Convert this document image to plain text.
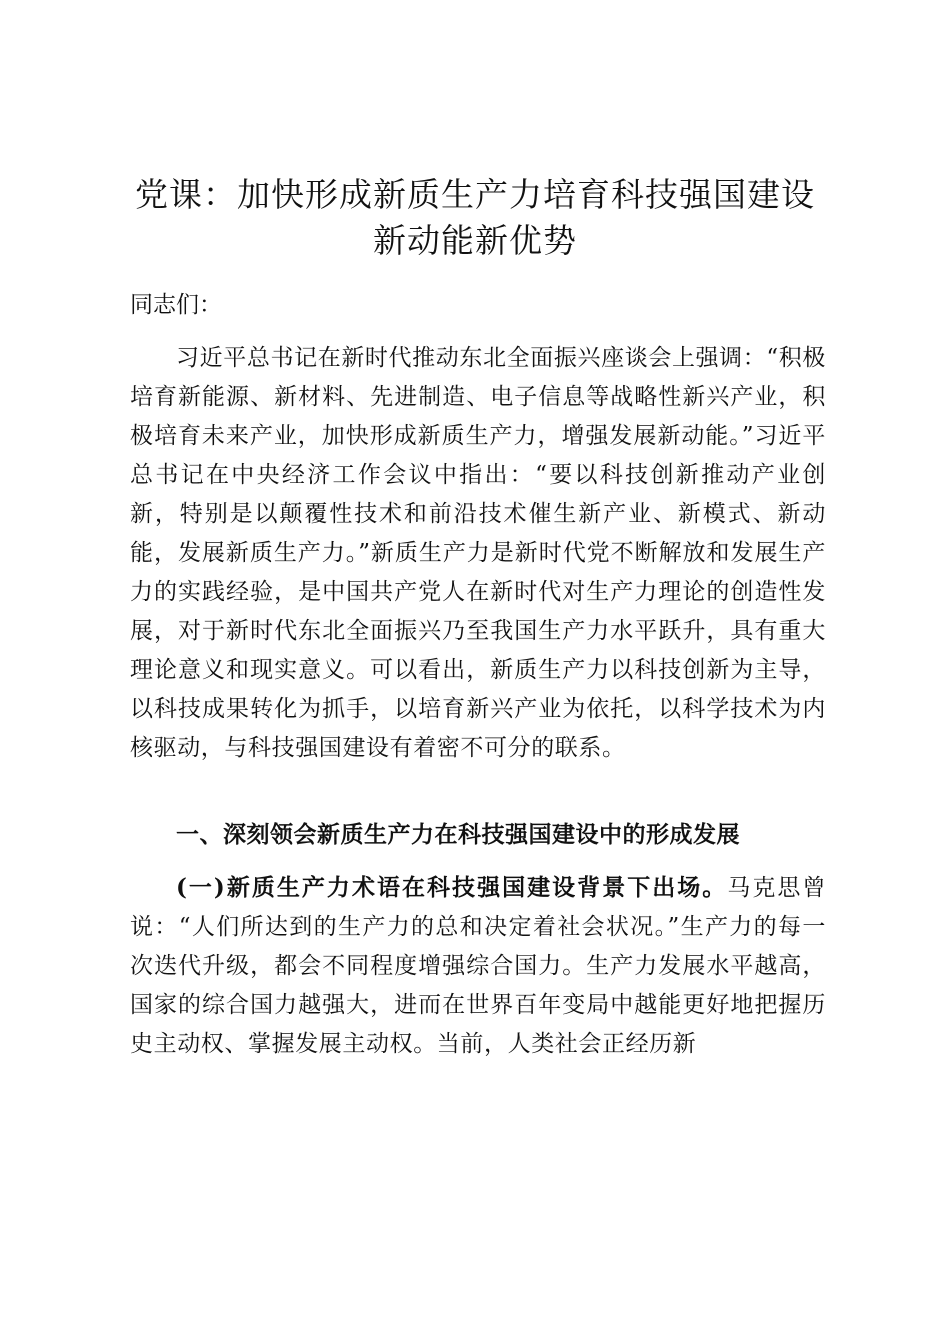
党课：加快形成新质生产力培育科技强国建设
新动能新优势

同志们：

习近平总书记在新时代推动东北全面振兴座谈会上强调：“积极培育新能源、新材料、先进制造、电子信息等战略性新兴产业，积极培育未来产业，加快形成新质生产力，增强发展新动能。”习近平总书记在中央经济工作会议中指出：“要以科技创新推动产业创新，特别是以颠覆性技术和前沿技术催生新产业、新模式、新动能，发展新质生产力。”新质生产力是新时代党不断解放和发展生产力的实践经验，是中国共产党人在新时代对生产力理论的创造性发展，对于新时代东北全面振兴乃至我国生产力水平跃升，具有重大理论意义和现实意义。可以看出，新质生产力以科技创新为主导，以科技成果转化为抓手，以培育新兴产业为依托，以科学技术为内核驱动，与科技强国建设有着密不可分的联系。

一、深刻领会新质生产力在科技强国建设中的形成发展

(一)新质生产力术语在科技强国建设背景下出场。马克思曾说：“人们所达到的生产力的总和决定着社会状况。”生产力的每一次迭代升级，都会不同程度增强综合国力。生产力发展水平越高，国家的综合国力越强大，进而在世界百年变局中越能更好地把握历史主动权、掌握发展主动权。当前，人类社会正经历新
